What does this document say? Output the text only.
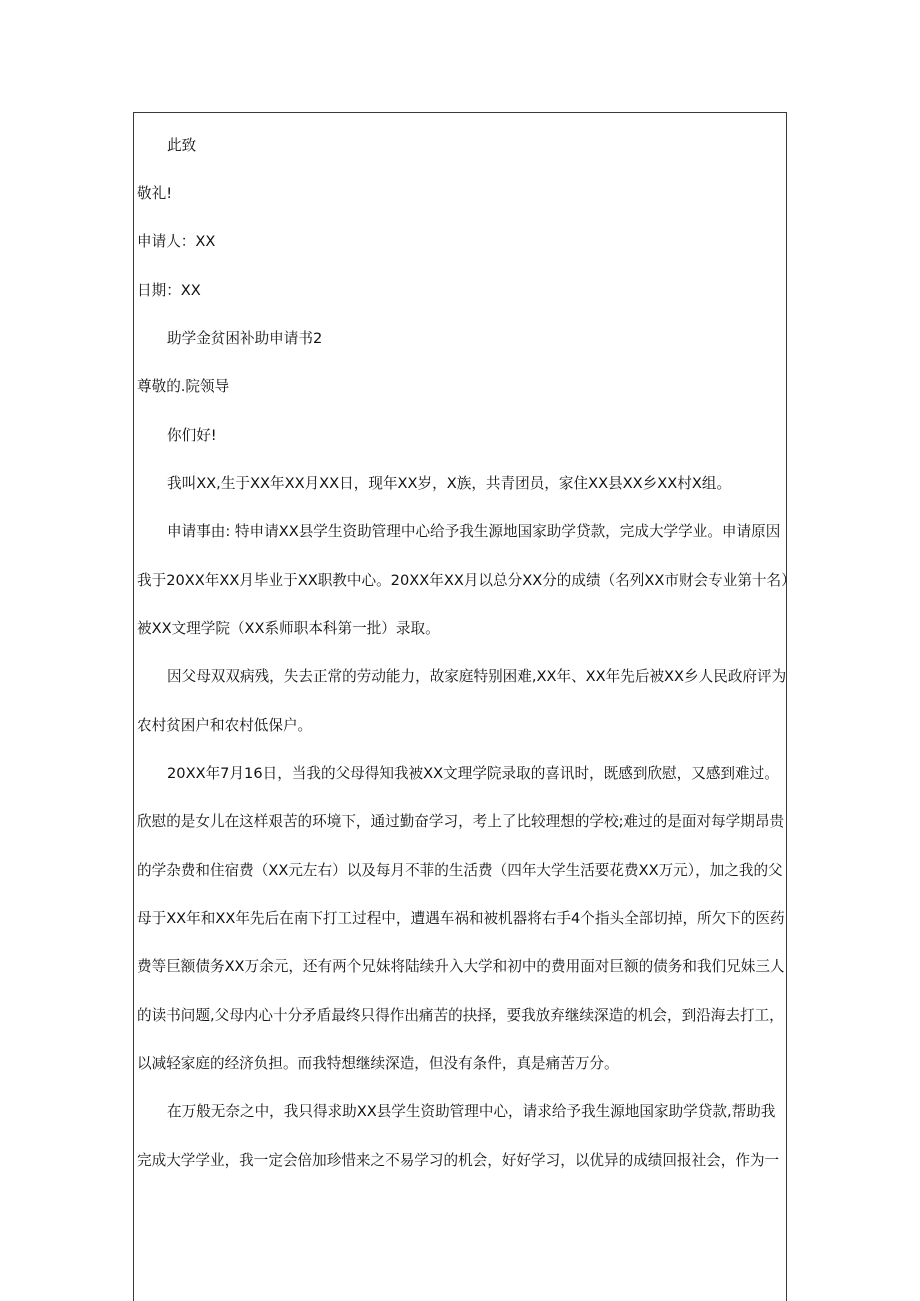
此致
敬礼!
申请人：XX
日期：XX
助学金贫困补助申请书2
尊敬的.院领导
你们好!
我叫XX,生于XX年XX月XX日，现年XX岁，X族，共青团员，家住XX县XX乡XX村X组。
申请事由: 特申请XX县学生资助管理中心给予我生源地国家助学贷款，完成大学学业。申请原因
我于20XX年XX月毕业于XX职教中心。20XX年XX月以总分XX分的成绩（名列XX市财会专业第十名）
被XX文理学院（XX系师职本科第一批）录取。
因父母双双病残，失去正常的劳动能力，故家庭特别困难,XX年、XX年先后被XX乡人民政府评为
农村贫困户和农村低保户。
20XX年7月16日，当我的父母得知我被XX文理学院录取的喜讯时，既感到欣慰，又感到难过。
欣慰的是女儿在这样艰苦的环境下，通过勤奋学习，考上了比较理想的学校;难过的是面对每学期昂贵
的学杂费和住宿费（XX元左右）以及每月不菲的生活费（四年大学生活要花费XX万元），加之我的父
母于XX年和XX年先后在南下打工过程中，遭遇车祸和被机器将右手4个指头全部切掉，所欠下的医药
费等巨额债务XX万余元，还有两个兄妹将陆续升入大学和初中的费用面对巨额的债务和我们兄妹三人
的读书问题,父母内心十分矛盾最终只得作出痛苦的抉择，要我放弃继续深造的机会，到沿海去打工，
以减轻家庭的经济负担。而我特想继续深造，但没有条件，真是痛苦万分。
在万般无奈之中，我只得求助XX县学生资助管理中心，请求给予我生源地国家助学贷款,帮助我
完成大学学业，我一定会倍加珍惜来之不易学习的机会，好好学习，以优异的成绩回报社会，作为一
